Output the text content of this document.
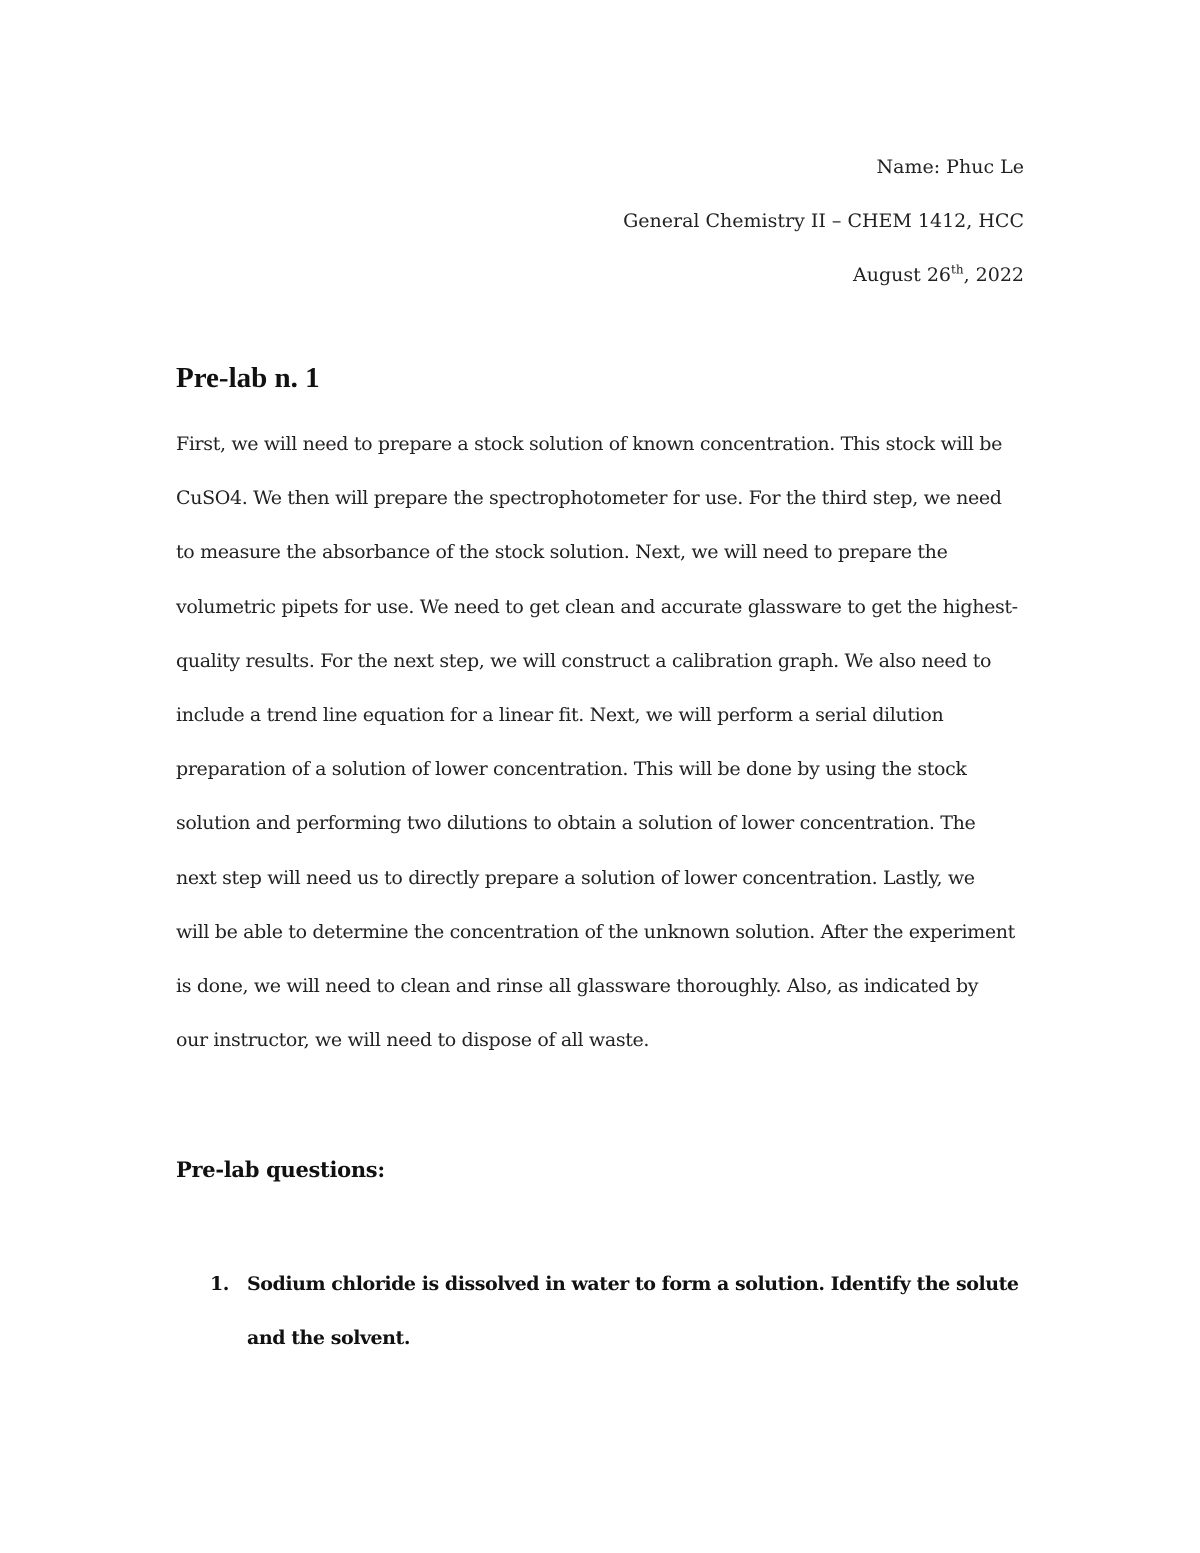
Name: Phuc Le
General Chemistry II – CHEM 1412, HCC
August 26th, 2022
Pre-lab n. 1

First, we will need to prepare a stock solution of known concentration. This stock will be
CuSO4. We then will prepare the spectrophotometer for use. For the third step, we need
to measure the absorbance of the stock solution. Next, we will need to prepare the
volumetric pipets for use. We need to get clean and accurate glassware to get the highest-
quality results. For the next step, we will construct a calibration graph. We also need to
include a trend line equation for a linear fit. Next, we will perform a serial dilution
preparation of a solution of lower concentration. This will be done by using the stock
solution and performing two dilutions to obtain a solution of lower concentration. The
next step will need us to directly prepare a solution of lower concentration. Lastly, we
will be able to determine the concentration of the unknown solution. After the experiment
is done, we will need to clean and rinse all glassware thoroughly. Also, as indicated by
our instructor, we will need to dispose of all waste.

Pre-lab questions:
1. Sodium chloride is dissolved in water to form a solution. Identify the solute
and the solvent.
